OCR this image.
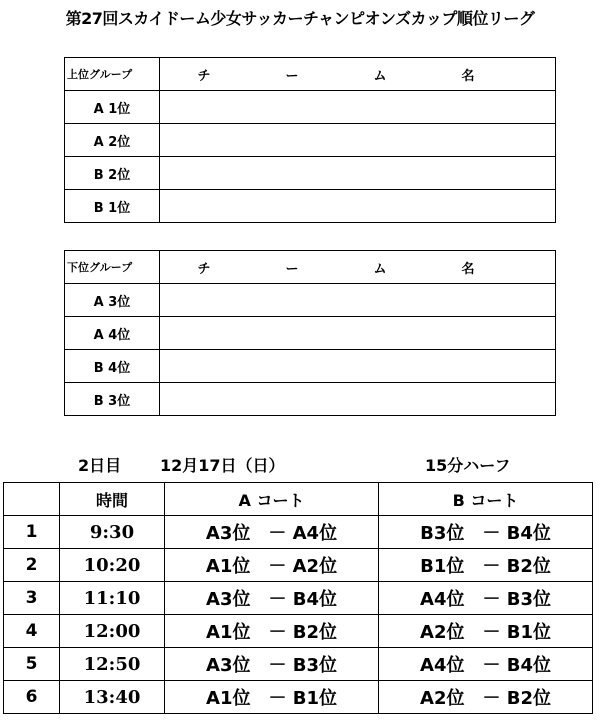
第27回スカイドーム少女サッカーチャンピオンズカップ順位リーグ
上位グループ	チ ー ム 名
A 1位	
A 2位	
B 2位	
B 1位	
下位グループ	チ ー ム 名
A 3位	
A 4位	
B 4位	
B 3位	
2日目 12月17日（日）	15分ハーフ
	時間	A コート	B コート
1	9:30	A3位　－ A4位	B3位　－ B4位
2	10:20	A1位　－ A2位	B1位　－ B2位
3	11:10	A3位　－ B4位	A4位　－ B3位
4	12:00	A1位　－ B2位	A2位　－ B1位
5	12:50	A3位　－ B3位	A4位　－ B4位
6	13:40	A1位　－ B1位	A2位　－ B2位
